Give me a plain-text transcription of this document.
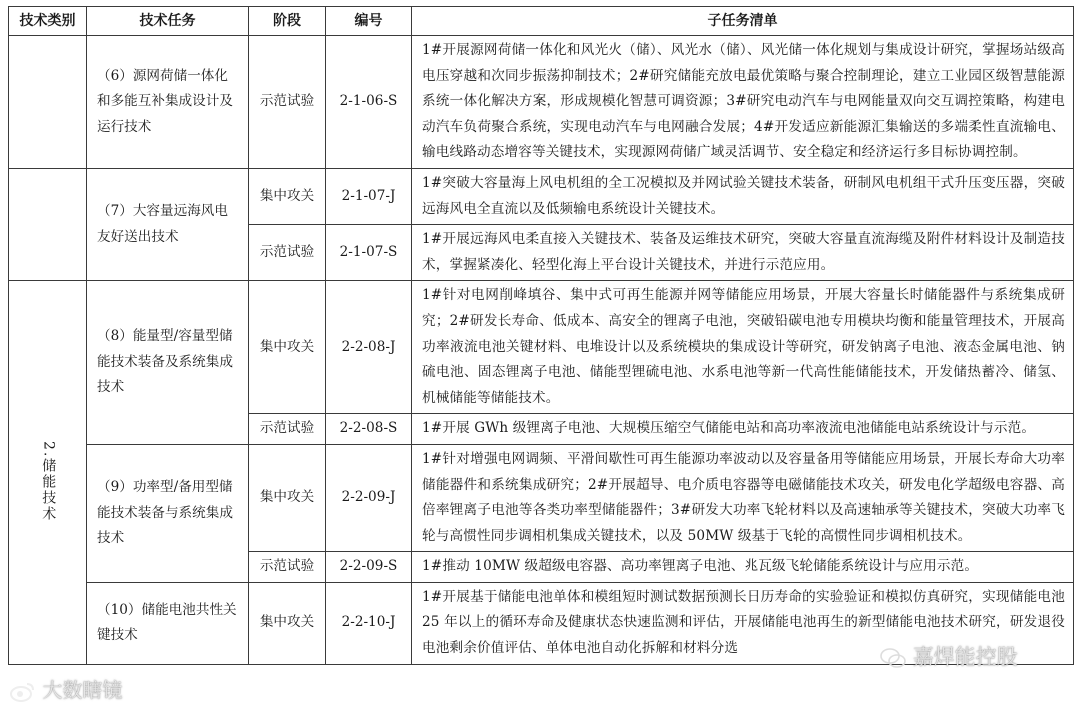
技术类别	技术任务	阶段	编号	子任务清单
	（6）源网荷储一体化和多能互补集成设计及运行技术	示范试验	2-1-06-S	1#开展源网荷储一体化和风光火（储）、风光水（储）、风光储一体化规划与集成设计研究，掌握场站级高电压穿越和次同步振荡抑制技术；2#研究储能充放电最优策略与聚合控制理论，建立工业园区级智慧能源系统一体化解决方案，形成规模化智慧可调资源；3#研究电动汽车与电网能量双向交互调控策略，构建电动汽车负荷聚合系统，实现电动汽车与电网融合发展；4#开发适应新能源汇集输送的多端柔性直流输电、输电线路动态增容等关键技术，实现源网荷储广域灵活调节、安全稳定和经济运行多目标协调控制。
	（7）大容量远海风电友好送出技术	集中攻关	2-1-07-J	1#突破大容量海上风电机组的全工况模拟及并网试验关键技术装备，研制风电机组干式升压变压器，突破远海风电全直流以及低频输电系统设计关键技术。
		示范试验	2-1-07-S	1#开展远海风电柔直接入关键技术、装备及运维技术研究，突破大容量直流海缆及附件材料设计及制造技术，掌握紧凑化、轻型化海上平台设计关键技术，并进行示范应用。
2.储能技术	（8）能量型/容量型储能技术装备及系统集成技术	集中攻关	2-2-08-J	1#针对电网削峰填谷、集中式可再生能源并网等储能应用场景，开展大容量长时储能器件与系统集成研究；2#研发长寿命、低成本、高安全的锂离子电池，突破铅碳电池专用模块均衡和能量管理技术，开展高功率液流电池关键材料、电堆设计以及系统模块的集成设计等研究，研发钠离子电池、液态金属电池、钠硫电池、固态锂离子电池、储能型锂硫电池、水系电池等新一代高性能储能技术，开发储热蓄冷、储氢、机械储能等储能技术。
		示范试验	2-2-08-S	1#开展 GWh 级锂离子电池、大规模压缩空气储能电站和高功率液流电池储能电站系统设计与示范。
	（9）功率型/备用型储能技术装备与系统集成技术	集中攻关	2-2-09-J	1#针对增强电网调频、平滑间歇性可再生能源功率波动以及容量备用等储能应用场景，开展长寿命大功率储能器件和系统集成研究；2#开展超导、电介质电容器等电磁储能技术攻关，研发电化学超级电容器、高倍率锂离子电池等各类功率型储能器件；3#研发大功率飞轮材料以及高速轴承等关键技术，突破大功率飞轮与高惯性同步调相机集成关键技术，以及 50MW 级基于飞轮的高惯性同步调相机技术。
		示范试验	2-2-09-S	1#推动 10MW 级超级电容器、高功率锂离子电池、兆瓦级飞轮储能系统设计与应用示范。
	（10）储能电池共性关键技术	集中攻关	2-2-10-J	1#开展基于储能电池单体和模组短时测试数据预测长日历寿命的实验验证和模拟仿真研究，实现储能电池 25 年以上的循环寿命及健康状态快速监测和评估，开展储能电池再生的新型储能电池技术研究，研发退役电池剩余价值评估、单体电池自动化拆解和材料分选
大数瞎镜
嘉焊能控股
